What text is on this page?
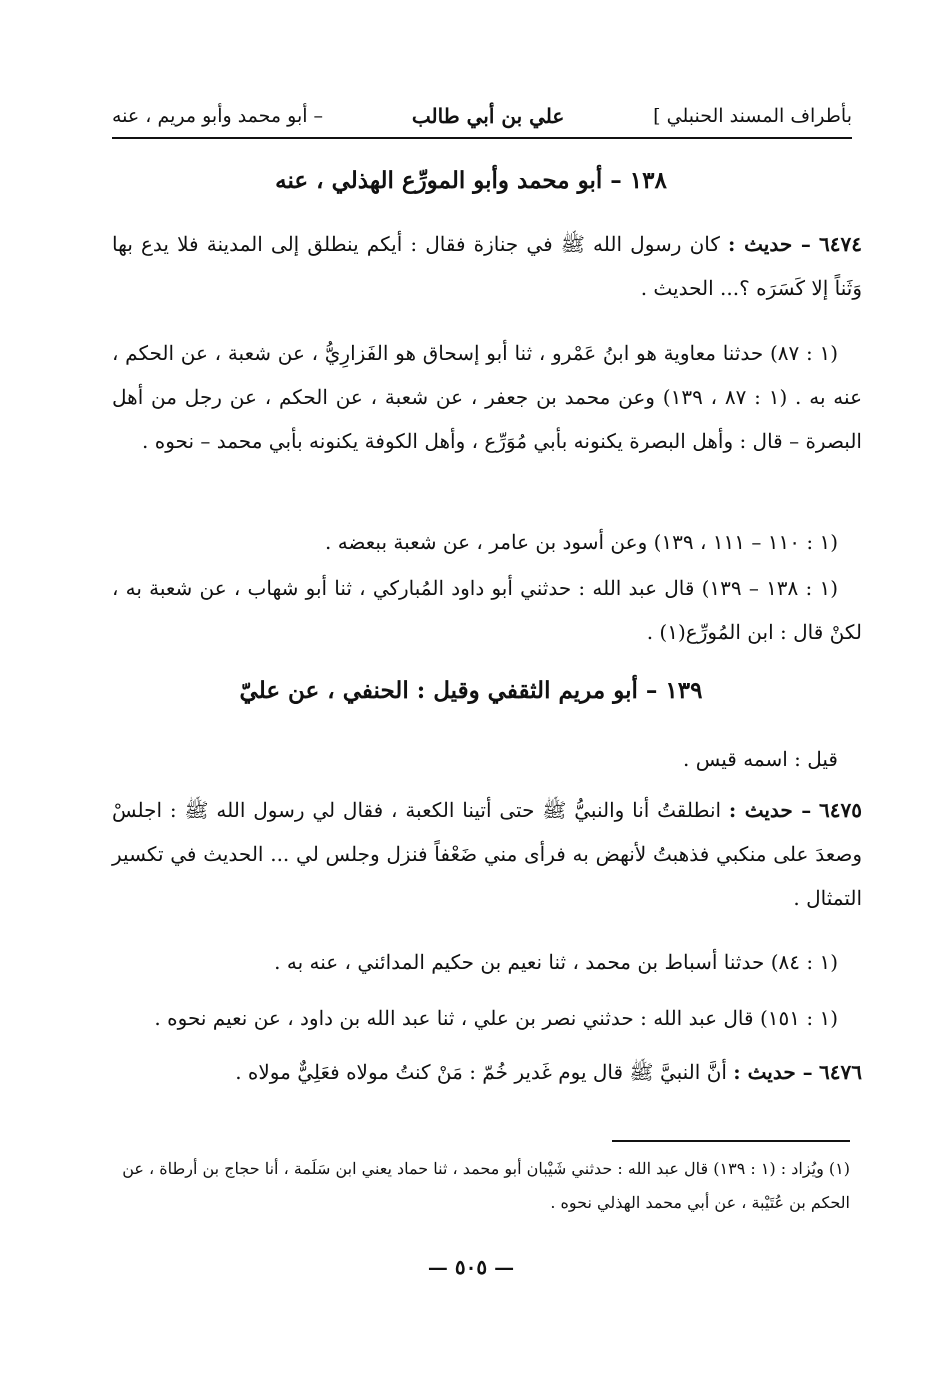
بأطراف المسند الحنبلي ]
علي بن أبي طالب
– أبو محمد وأبو مريم ، عنه
١٣٨ – أبو محمد وأبو المورِّع الهذلي ، عنه
٦٤٧٤ – حديث : كان رسول الله ﷺ في جنازة فقال : أيكم ينطلق إلى المدينة فلا يدع بها وَثَناً إلا كَسَرَه ؟... الحديث .
(١ : ٨٧) حدثنا معاوية هو ابنُ عَمْرو ، ثنا أبو إسحاق هو الفَزارِيُّ ، عن شعبة ، عن الحكم ، عنه به . (١ : ٨٧ ، ١٣٩) وعن محمد بن جعفر ، عن شعبة ، عن الحكم ، عن رجل من أهل البصرة – قال : وأهل البصرة يكنونه بأبي مُوَرِّع ، وأهل الكوفة يكنونه بأبي محمد – نحوه .
(١ : ١١٠ – ١١١ ، ١٣٩) وعن أسود بن عامر ، عن شعبة ببعضه .
(١ : ١٣٨ – ١٣٩) قال عبد الله : حدثني أبو داود المُباركي ، ثنا أبو شهاب ، عن شعبة به ، لكنْ قال : ابن المُورِّع(١) .
١٣٩ – أبو مريم الثقفي وقيل : الحنفي ، عن عليّ
قيل : اسمه قيس .
٦٤٧٥ – حديث : انطلقتُ أنا والنبيُّ ﷺ حتى أتينا الكعبة ، فقال لي رسول الله ﷺ : اجلسْ وصعدَ على منكبي فذهبتُ لأنهض به فرأى مني ضَعْفاً فنزل وجلس لي ... الحديث في تكسير التمثال .
(١ : ٨٤) حدثنا أسباط بن محمد ، ثنا نعيم بن حكيم المدائني ، عنه به .
(١ : ١٥١) قال عبد الله : حدثني نصر بن علي ، ثنا عبد الله بن داود ، عن نعيم نحوه .
٦٤٧٦ – حديث : أنَّ النبيَّ ﷺ قال يوم غَدير خُمّ : مَنْ كنتُ مولاه فعَلِيٌّ مولاه .
(١) ويُزاد : (١ : ١٣٩) قال عبد الله : حدثني شَيْبان أبو محمد ، ثنا حماد يعني ابن سَلَمة ، أنا حجاج بن أرطاة ، عن الحكم بن عُتَيْبة ، عن أبي محمد الهذلي نحوه .
— ٥٠٥ —
